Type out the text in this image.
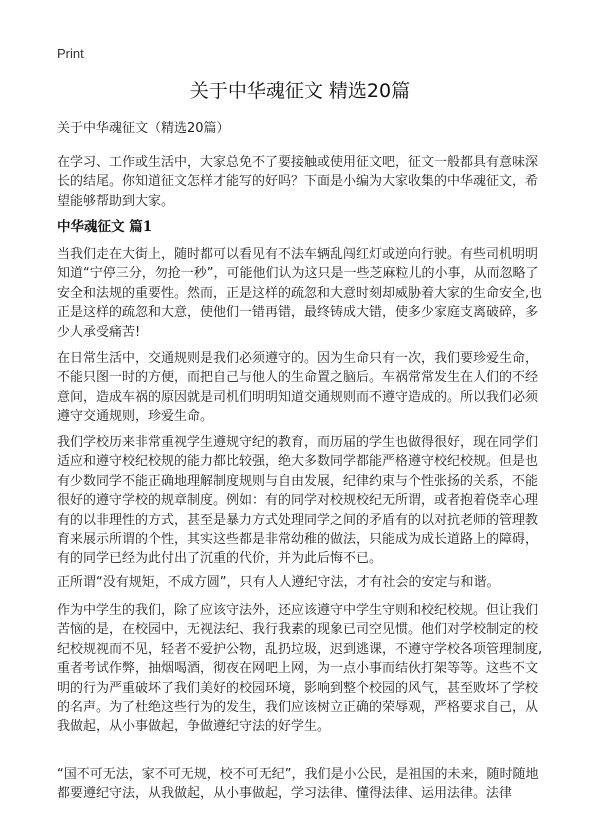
Print
关于中华魂征文 精选20篇

关于中华魂征文（精选20篇）

在学习、工作或生活中，大家总免不了要接触或使用征文吧，征文一般都具有意味深长的结尾。你知道征文怎样才能写的好吗？下面是小编为大家收集的中华魂征文，希望能够帮助到大家。

中华魂征文 篇1

当我们走在大街上，随时都可以看见有不法车辆乱闯红灯或逆向行驶。有些司机明明知道“宁停三分，勿抢一秒”，可能他们认为这只是一些芝麻粒儿的小事，从而忽略了安全和法规的重要性。然而，正是这样的疏忽和大意时刻却威胁着大家的生命安全,也正是这样的疏忽和大意，使他们一错再错，最终铸成大错，使多少家庭支离破碎，多少人承受痛苦!

在日常生活中，交通规则是我们必须遵守的。因为生命只有一次，我们要珍爱生命，不能只图一时的方便，而把自己与他人的生命置之脑后。车祸常常发生在人们的不经意间，造成车祸的原因就是司机们明明知道交通规则而不遵守造成的。所以我们必须遵守交通规则，珍爱生命。

我们学校历来非常重视学生遵规守纪的教育，而历届的学生也做得很好，现在同学们适应和遵守校纪校规的能力都比较强，绝大多数同学都能严格遵守校纪校规。但是也有少数同学不能正确地理解制度规则与自由发展，纪律约束与个性张扬的关系，不能很好的遵守学校的规章制度。例如：有的同学对校规校纪无所谓，或者抱着侥幸心理有的以非理性的方式，甚至是暴力方式处理同学之间的矛盾有的以对抗老师的管理教育来展示所谓的个性，其实这些都是非常幼稚的做法，只能成为成长道路上的障碍，有的同学已经为此付出了沉重的代价，并为此后悔不已。

正所谓“没有规矩，不成方圆”，只有人人遵纪守法，才有社会的安定与和谐。

作为中学生的我们，除了应该守法外，还应该遵守中学生守则和校纪校规。但让我们苦恼的是，在校园中，无视法纪、我行我素的现象已司空见惯。他们对学校制定的校纪校规视而不见，轻者不爱护公物，乱扔垃圾，迟到逃课，不遵守学校各项管理制度,重者考试作弊，抽烟喝酒，彻夜在网吧上网，为一点小事而结伙打架等等。这些不文明的行为严重破坏了我们美好的校园环境，影响到整个校园的风气，甚至败坏了学校的名声。为了杜绝这些行为的发生，我们应该树立正确的荣辱观，严格要求自己，从我做起，从小事做起，争做遵纪守法的好学生。

“国不可无法，家不可无规，校不可无纪”，我们是小公民，是祖国的未来，随时随地都要遵纪守法，从我做起，从小事做起，学习法律、懂得法律、运用法律。法律
